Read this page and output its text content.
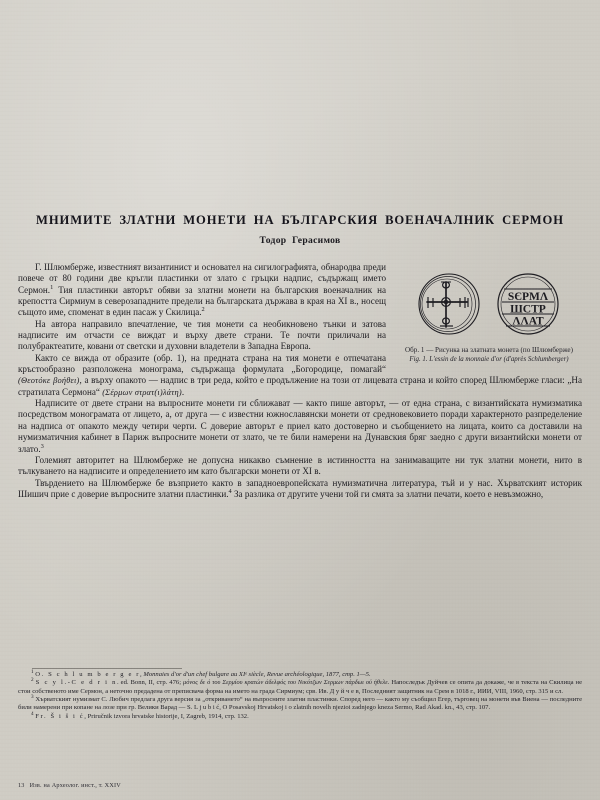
МНИМИТЕ ЗЛАТНИ МОНЕТИ НА БЪЛГАРСКИЯ ВОЕНАЧАЛНИК СЕРМОН
Тодор Герасимов
ЅЄΡΜΛ
ШСΤΡ
ΛΛΑΤ
Обр. 1 — Рисунка на златната монета (по Шлюмберже)
Fig. 1. L'essin de la monnaie d'or (d'après Schlumberger)

Г. Шлюмберже, известният византинист и основател на сигилографията, обнародва преди повече от 80 години две кръгли пластинки от злато с гръцки надпис, съдържащ името Сермон.$^1$ Тия пластинки авторът обяви за златни монети на българския военачалник на крепостта Сирмиум в северозападните предели на българската държава в края на XI в., носещ същото име, споменат в един пасаж у Скилица.$^2$

На автора направило впечатление, че тия монети са необикновено тънки и затова надписите им отчасти се виждат и върху двете страни. Те почти приличали на полубрактеатите, ковани от светски и духовни владетели в Западна Европа.

Както се вижда от образите (обр. 1), на предната страна на тия монети е отпечатана кръстообразно разположена монограма, съдържаща формулата „Богородице, помагай“ (Θεοτόκε βοήθει), а върху опакото — надпис в три реда, който е продължение на този от лицевата страна и който според Шлюмберже гласи: „На стратилата Сермона“ (Σέρμων στρατ(ι)λάτη).

Надписите от двете страни на въпросните монети ги сближават — както пише авторът, — от една страна, с византийската нумизматика посредством монограмата от лицето, а, от друга — с известни южнославянски монети от средновековието поради характерното разпределение на надписа от опакото между четири черти. С доверие авторът е приел като достоверно и съобщението на лицата, които са доставили на нумизматичния кабинет в Париж въпросните монети от злато, че те били намерени на Дунавския бряг заедно с други византийски монети от злато.$^3$

Големият авторитет на Шлюмберже не допусна никакво съмнение в истинността на занимаващите ни тук златни монети, нито в тълкуването на надписите и определението им като български монети от XI в.

Твърдението на Шлюмберже бе възприето както в западноевропейската нумизматична литература, тъй и у нас. Хърватският историк Шишич прие с доверие въпросните златни пластинки.$^4$ За разлика от другите учени той ги смята за златни печати, което е невъзможно,

$^1$ O. S c h l u m b e r g e r, Monnaies d'or d'un chef bulgare au XIᵉ siècle, Revue archéologique, 1877, стр. 1—5.

$^2$ S c y l.-C e d r i n. ed. Bonn, II, стр. 476; μόνος δε ό του Σερμίου κρατών άδελφός του Νικότζων Σερμων πάρδωι ού ήθελε. Напоследък Дуйчев се опита да докаже, че в текста на Скилица не стои собственото име Сермон, а неточно предадена от преписвача форма на името на града Сирмиум; срв. Ив. Д у й ч е в, Последният защитник на Срем в 1018 г., ИИИ, VIII, 1960, стр. 315 и сл.

$^3$ Хърватският нумизмат С. Любич предлага друга версия за „откриването“ на въпросните златни пластинки. Според него — както му съобщил Егер, търговец на монети във Виена — последните били намерени при копане на лозе при гр. Велики Варад — S. L j u b i ć, O Posavskoj Hrvatskoj i o zlatnih novelh njezioi zadnjego kneza Sermo, Rad Akad. kn., 43, стр. 107.

$^4$ Fr. Š i š i ć, Priručnik izvora hrvatske historije, I, Zagreb, 1914, стр. 132.

13 Изв. на Археолог. инст., т. XXIV
